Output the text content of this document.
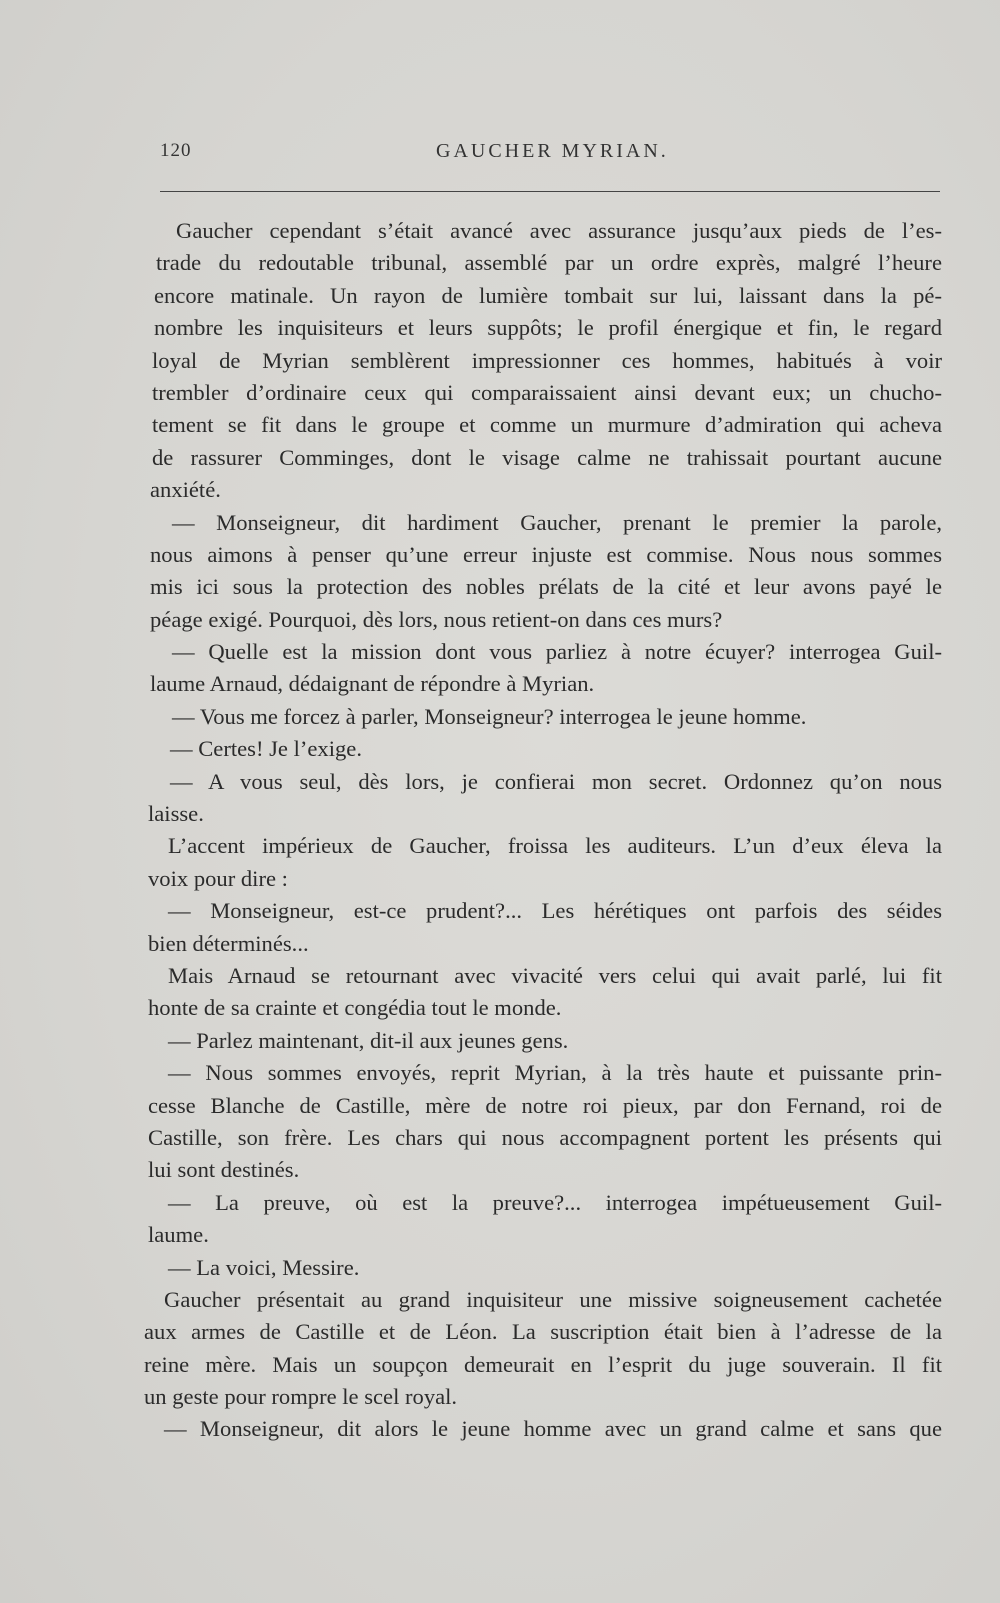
120	GAUCHER MYRIAN.
Gaucher cependant s’était avancé avec assurance jusqu’aux pieds de l’es-
trade du redoutable tribunal, assemblé par un ordre exprès, malgré l’heure
encore matinale. Un rayon de lumière tombait sur lui, laissant dans la pé-
nombre les inquisiteurs et leurs suppôts; le profil énergique et fin, le regard
loyal de Myrian semblèrent impressionner ces hommes, habitués à voir
trembler d’ordinaire ceux qui comparaissaient ainsi devant eux; un chucho-
tement se fit dans le groupe et comme un murmure d’admiration qui acheva
de rassurer Comminges, dont le visage calme ne trahissait pourtant aucune
anxiété.
— Monseigneur, dit hardiment Gaucher, prenant le premier la parole,
nous aimons à penser qu’une erreur injuste est commise. Nous nous sommes
mis ici sous la protection des nobles prélats de la cité et leur avons payé le
péage exigé. Pourquoi, dès lors, nous retient-on dans ces murs?
— Quelle est la mission dont vous parliez à notre écuyer? interrogea Guil-
laume Arnaud, dédaignant de répondre à Myrian.
— Vous me forcez à parler, Monseigneur? interrogea le jeune homme.
— Certes! Je l’exige.
— A vous seul, dès lors, je confierai mon secret. Ordonnez qu’on nous
laisse.
L’accent impérieux de Gaucher, froissa les auditeurs. L’un d’eux éleva la
voix pour dire :
— Monseigneur, est-ce prudent?... Les hérétiques ont parfois des séides
bien déterminés...
Mais Arnaud se retournant avec vivacité vers celui qui avait parlé, lui fit
honte de sa crainte et congédia tout le monde.
— Parlez maintenant, dit-il aux jeunes gens.
— Nous sommes envoyés, reprit Myrian, à la très haute et puissante prin-
cesse Blanche de Castille, mère de notre roi pieux, par don Fernand, roi de
Castille, son frère. Les chars qui nous accompagnent portent les présents qui
lui sont destinés.
— La preuve, où est la preuve?... interrogea impétueusement Guil-
laume.
— La voici, Messire.
Gaucher présentait au grand inquisiteur une missive soigneusement cachetée
aux armes de Castille et de Léon. La suscription était bien à l’adresse de la
reine mère. Mais un soupçon demeurait en l’esprit du juge souverain. Il fit
un geste pour rompre le scel royal.
— Monseigneur, dit alors le jeune homme avec un grand calme et sans que
